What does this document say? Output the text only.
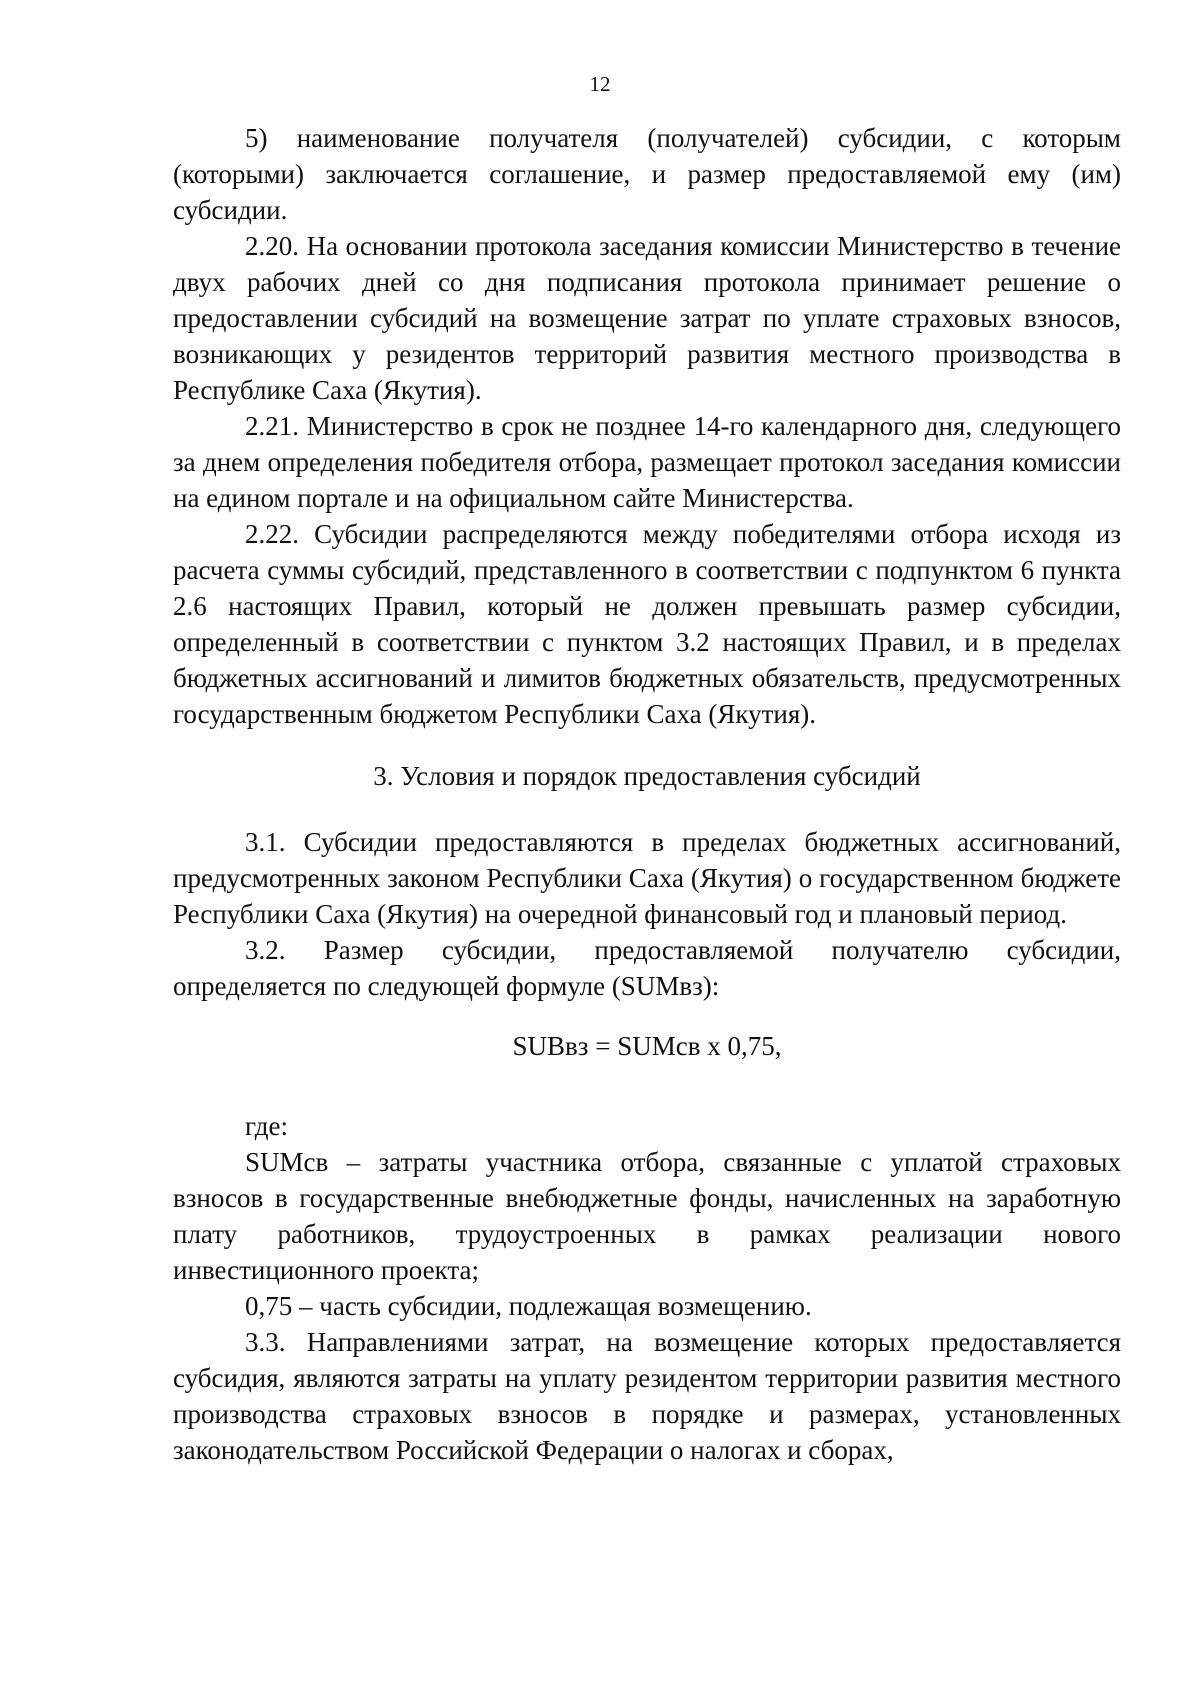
12

5) наименование получателя (получателей) субсидии, с которым (которыми) заключается соглашение, и размер предоставляемой ему (им) субсидии.

2.20. На основании протокола заседания комиссии Министерство в течение двух рабочих дней со дня подписания протокола принимает решение о предоставлении субсидий на возмещение затрат по уплате страховых взносов, возникающих у резидентов территорий развития местного производства в Республике Саха (Якутия).

2.21. Министерство в срок не позднее 14-го календарного дня, следующего за днем определения победителя отбора, размещает протокол заседания комиссии на едином портале и на официальном сайте Министерства.

2.22. Субсидии распределяются между победителями отбора исходя из расчета суммы субсидий, представленного в соответствии с подпунктом 6 пункта 2.6 настоящих Правил, который не должен превышать размер субсидии, определенный в соответствии с пунктом 3.2 настоящих Правил, и в пределах бюджетных ассигнований и лимитов бюджетных обязательств, предусмотренных государственным бюджетом Республики Саха (Якутия).

3. Условия и порядок предоставления субсидий

3.1. Субсидии предоставляются в пределах бюджетных ассигнований, предусмотренных законом Республики Саха (Якутия) о государственном бюджете Республики Саха (Якутия) на очередной финансовый год и плановый период.

3.2. Размер субсидии, предоставляемой получателю субсидии, определяется по следующей формуле (SUMвз):

SUBвз = SUMсв х 0,75,

где:

SUMсв – затраты участника отбора, связанные с уплатой страховых взносов в государственные внебюджетные фонды, начисленных на заработную плату работников, трудоустроенных в рамках реализации нового инвестиционного проекта;

0,75 – часть субсидии, подлежащая возмещению.

3.3. Направлениями затрат, на возмещение которых предоставляется субсидия, являются затраты на уплату резидентом территории развития местного производства страховых взносов в порядке и размерах, установленных законодательством Российской Федерации о налогах и сборах,
